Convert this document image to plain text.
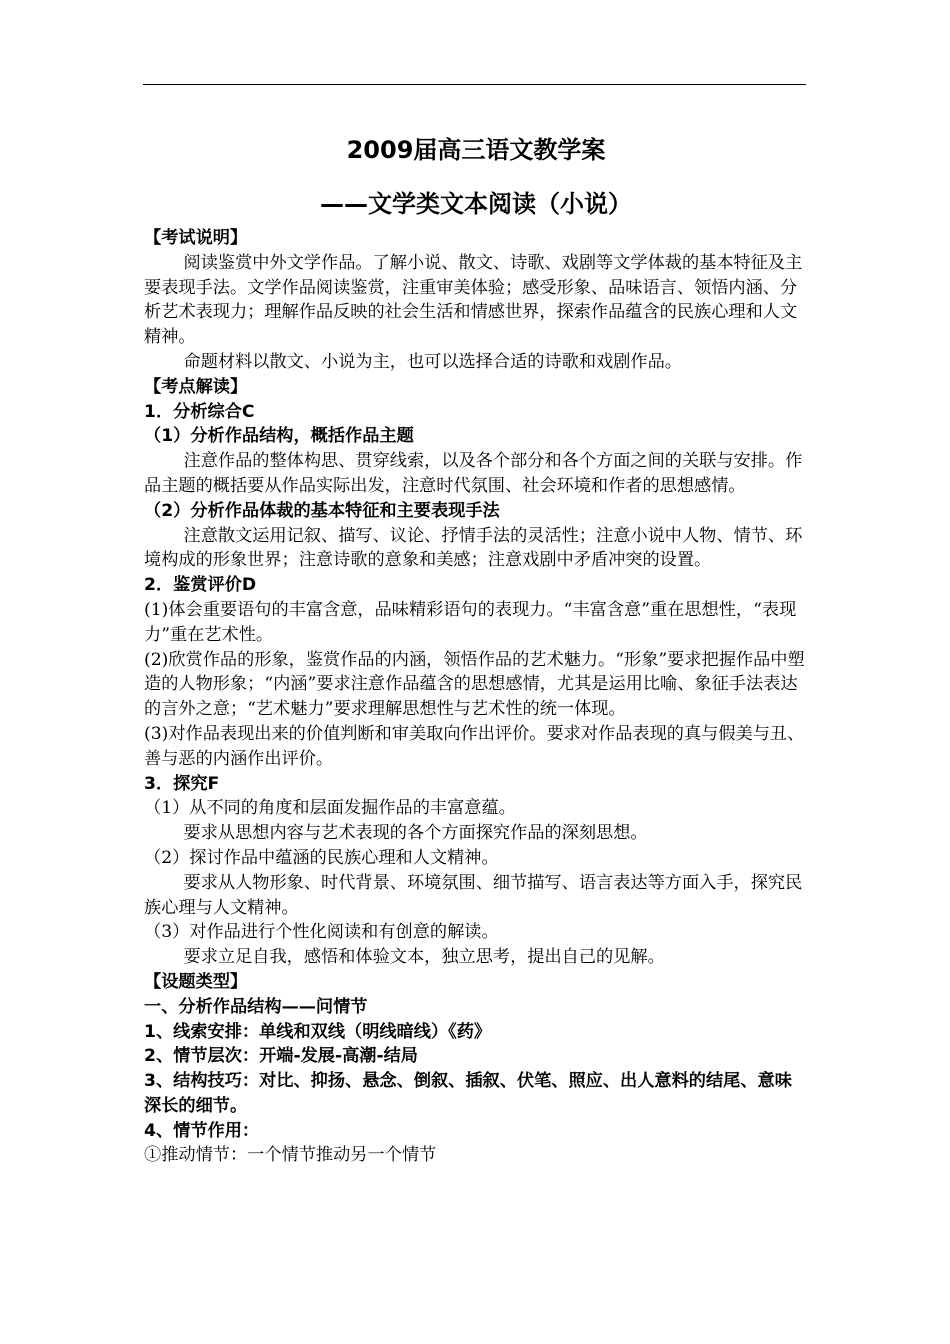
2009届高三语文教学案

——文学类文本阅读（小说）

【考试说明】

阅读鉴赏中外文学作品。了解小说、散文、诗歌、戏剧等文学体裁的基本特征及主要表现手法。文学作品阅读鉴赏，注重审美体验；感受形象、品味语言、领悟内涵、分析艺术表现力；理解作品反映的社会生活和情感世界，探索作品蕴含的民族心理和人文精神。

命题材料以散文、小说为主，也可以选择合适的诗歌和戏剧作品。

【考点解读】

1．分析综合C

（1）分析作品结构，概括作品主题

注意作品的整体构思、贯穿线索，以及各个部分和各个方面之间的关联与安排。作品主题的概括要从作品实际出发，注意时代氛围、社会环境和作者的思想感情。

（2）分析作品体裁的基本特征和主要表现手法

注意散文运用记叙、描写、议论、抒情手法的灵活性；注意小说中人物、情节、环境构成的形象世界；注意诗歌的意象和美感；注意戏剧中矛盾冲突的设置。

2．鉴赏评价D

(1)体会重要语句的丰富含意，品味精彩语句的表现力。“丰富含意”重在思想性，“表现力”重在艺术性。

(2)欣赏作品的形象，鉴赏作品的内涵，领悟作品的艺术魅力。“形象”要求把握作品中塑造的人物形象；“内涵”要求注意作品蕴含的思想感情，尤其是运用比喻、象征手法表达的言外之意；“艺术魅力”要求理解思想性与艺术性的统一体现。

(3)对作品表现出来的价值判断和审美取向作出评价。要求对作品表现的真与假美与丑、善与恶的内涵作出评价。

3．探究F

（1）从不同的角度和层面发掘作品的丰富意蕴。

要求从思想内容与艺术表现的各个方面探究作品的深刻思想。

（2）探讨作品中蕴涵的民族心理和人文精神。

要求从人物形象、时代背景、环境氛围、细节描写、语言表达等方面入手，探究民族心理与人文精神。

（3）对作品进行个性化阅读和有创意的解读。

要求立足自我，感悟和体验文本，独立思考，提出自己的见解。

【设题类型】

一、分析作品结构——问情节

1、线索安排：单线和双线（明线暗线）《药》

2、情节层次：开端-发展-高潮-结局

3、结构技巧：对比、抑扬、悬念、倒叙、插叙、伏笔、照应、出人意料的结尾、意味深长的细节。

4、情节作用：

①推动情节：一个情节推动另一个情节
